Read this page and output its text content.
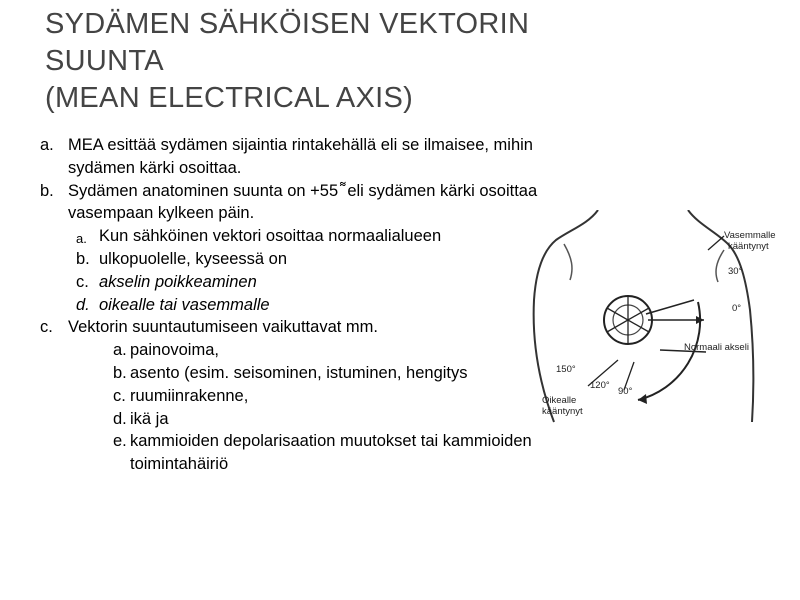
SYDÄMEN SÄHKÖISEN VEKTORIN
SUUNTA
(MEAN ELECTRICAL AXIS)
a. MEA esittää sydämen sijaintia rintakehällä eli se ilmaisee, mihin
sydämen kärki osoittaa.
b. Sydämen anatominen suunta on +55 ͌ eli sydämen kärki osoittaa
vasempaan kylkeen päin.
a. Kun sähköinen vektori osoittaa normaalialueen
b. ulkopuolelle, kyseessä on
c. akselin poikkeaminen
d. oikealle tai vasemmalle
c. Vektorin suuntautumiseen vaikuttavat mm.
a. painovoima,
b. asento (esim. seisominen, istuminen, hengitys
c. ruumiinrakenne,
d. ikä ja
e. kammioiden depolarisaation muutokset tai kammioiden
toimintahäiriö
Vasemmalle
kääntynyt
30°
0°
Normaali akseli
150°
120°
90°
Oikealle
kääntynyt
